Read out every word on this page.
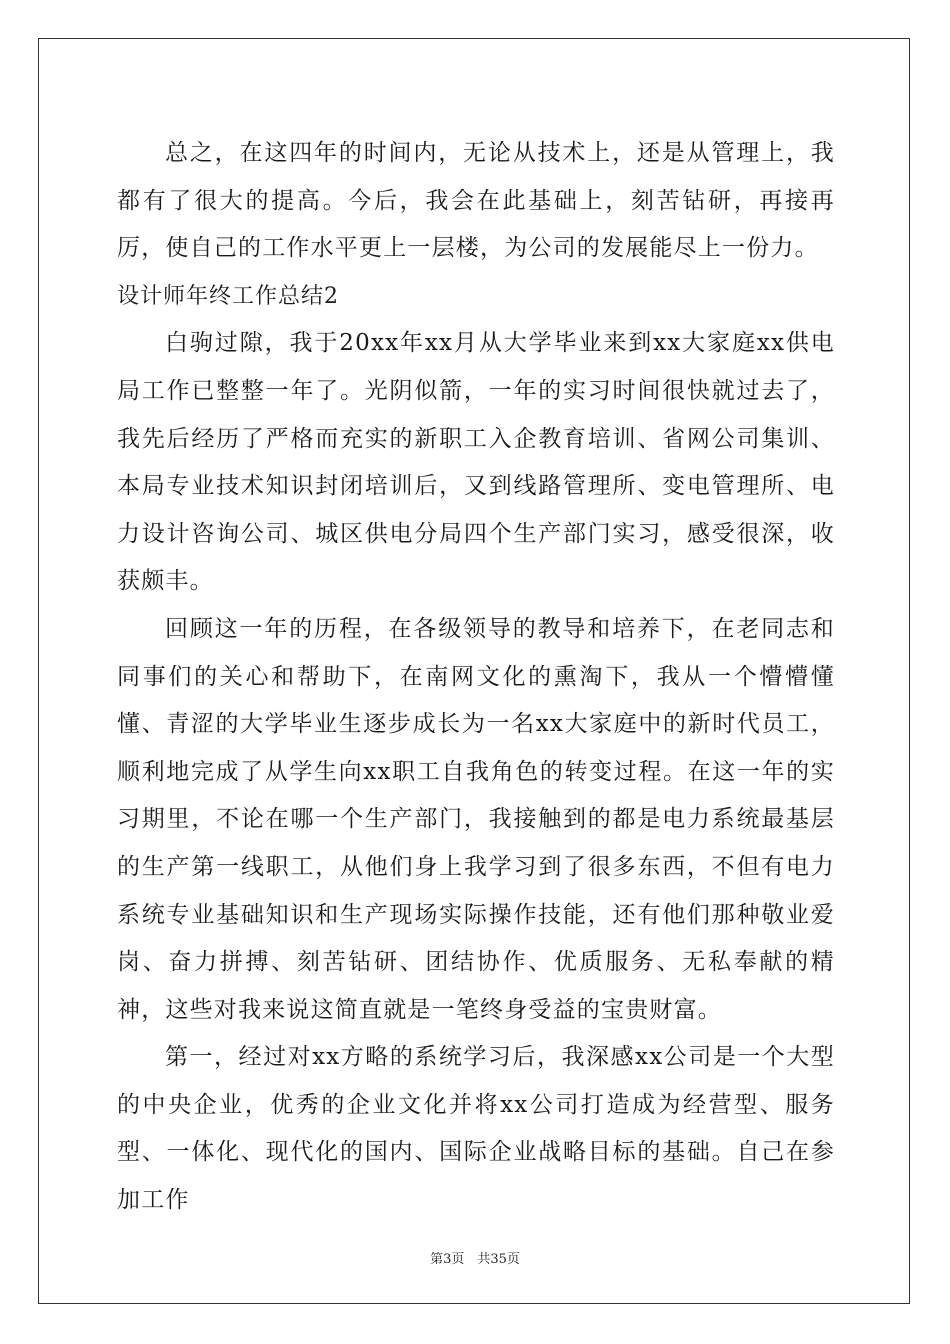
总之，在这四年的时间内，无论从技术上，还是从管理上，我都有了很大的提高。今后，我会在此基础上，刻苦钻研，再接再厉，使自己的工作水平更上一层楼，为公司的发展能尽上一份力。

设计师年终工作总结2

白驹过隙，我于20xx年xx月从大学毕业来到xx大家庭xx供电局工作已整整一年了。光阴似箭，一年的实习时间很快就过去了，我先后经历了严格而充实的新职工入企教育培训、省网公司集训、本局专业技术知识封闭培训后，又到线路管理所、变电管理所、电力设计咨询公司、城区供电分局四个生产部门实习，感受很深，收获颇丰。

回顾这一年的历程，在各级领导的教导和培养下，在老同志和同事们的关心和帮助下，在南网文化的熏淘下，我从一个懵懵懂懂、青涩的大学毕业生逐步成长为一名xx大家庭中的新时代员工，顺利地完成了从学生向xx职工自我角色的转变过程。在这一年的实习期里，不论在哪一个生产部门，我接触到的都是电力系统最基层的生产第一线职工，从他们身上我学习到了很多东西，不但有电力系统专业基础知识和生产现场实际操作技能，还有他们那种敬业爱岗、奋力拼搏、刻苦钻研、团结协作、优质服务、无私奉献的精神，这些对我来说这简直就是一笔终身受益的宝贵财富。

第一，经过对xx方略的系统学习后，我深感xx公司是一个大型的中央企业，优秀的企业文化并将xx公司打造成为经营型、服务型、一体化、现代化的国内、国际企业战略目标的基础。自己在参加工作

第3页　共35页
